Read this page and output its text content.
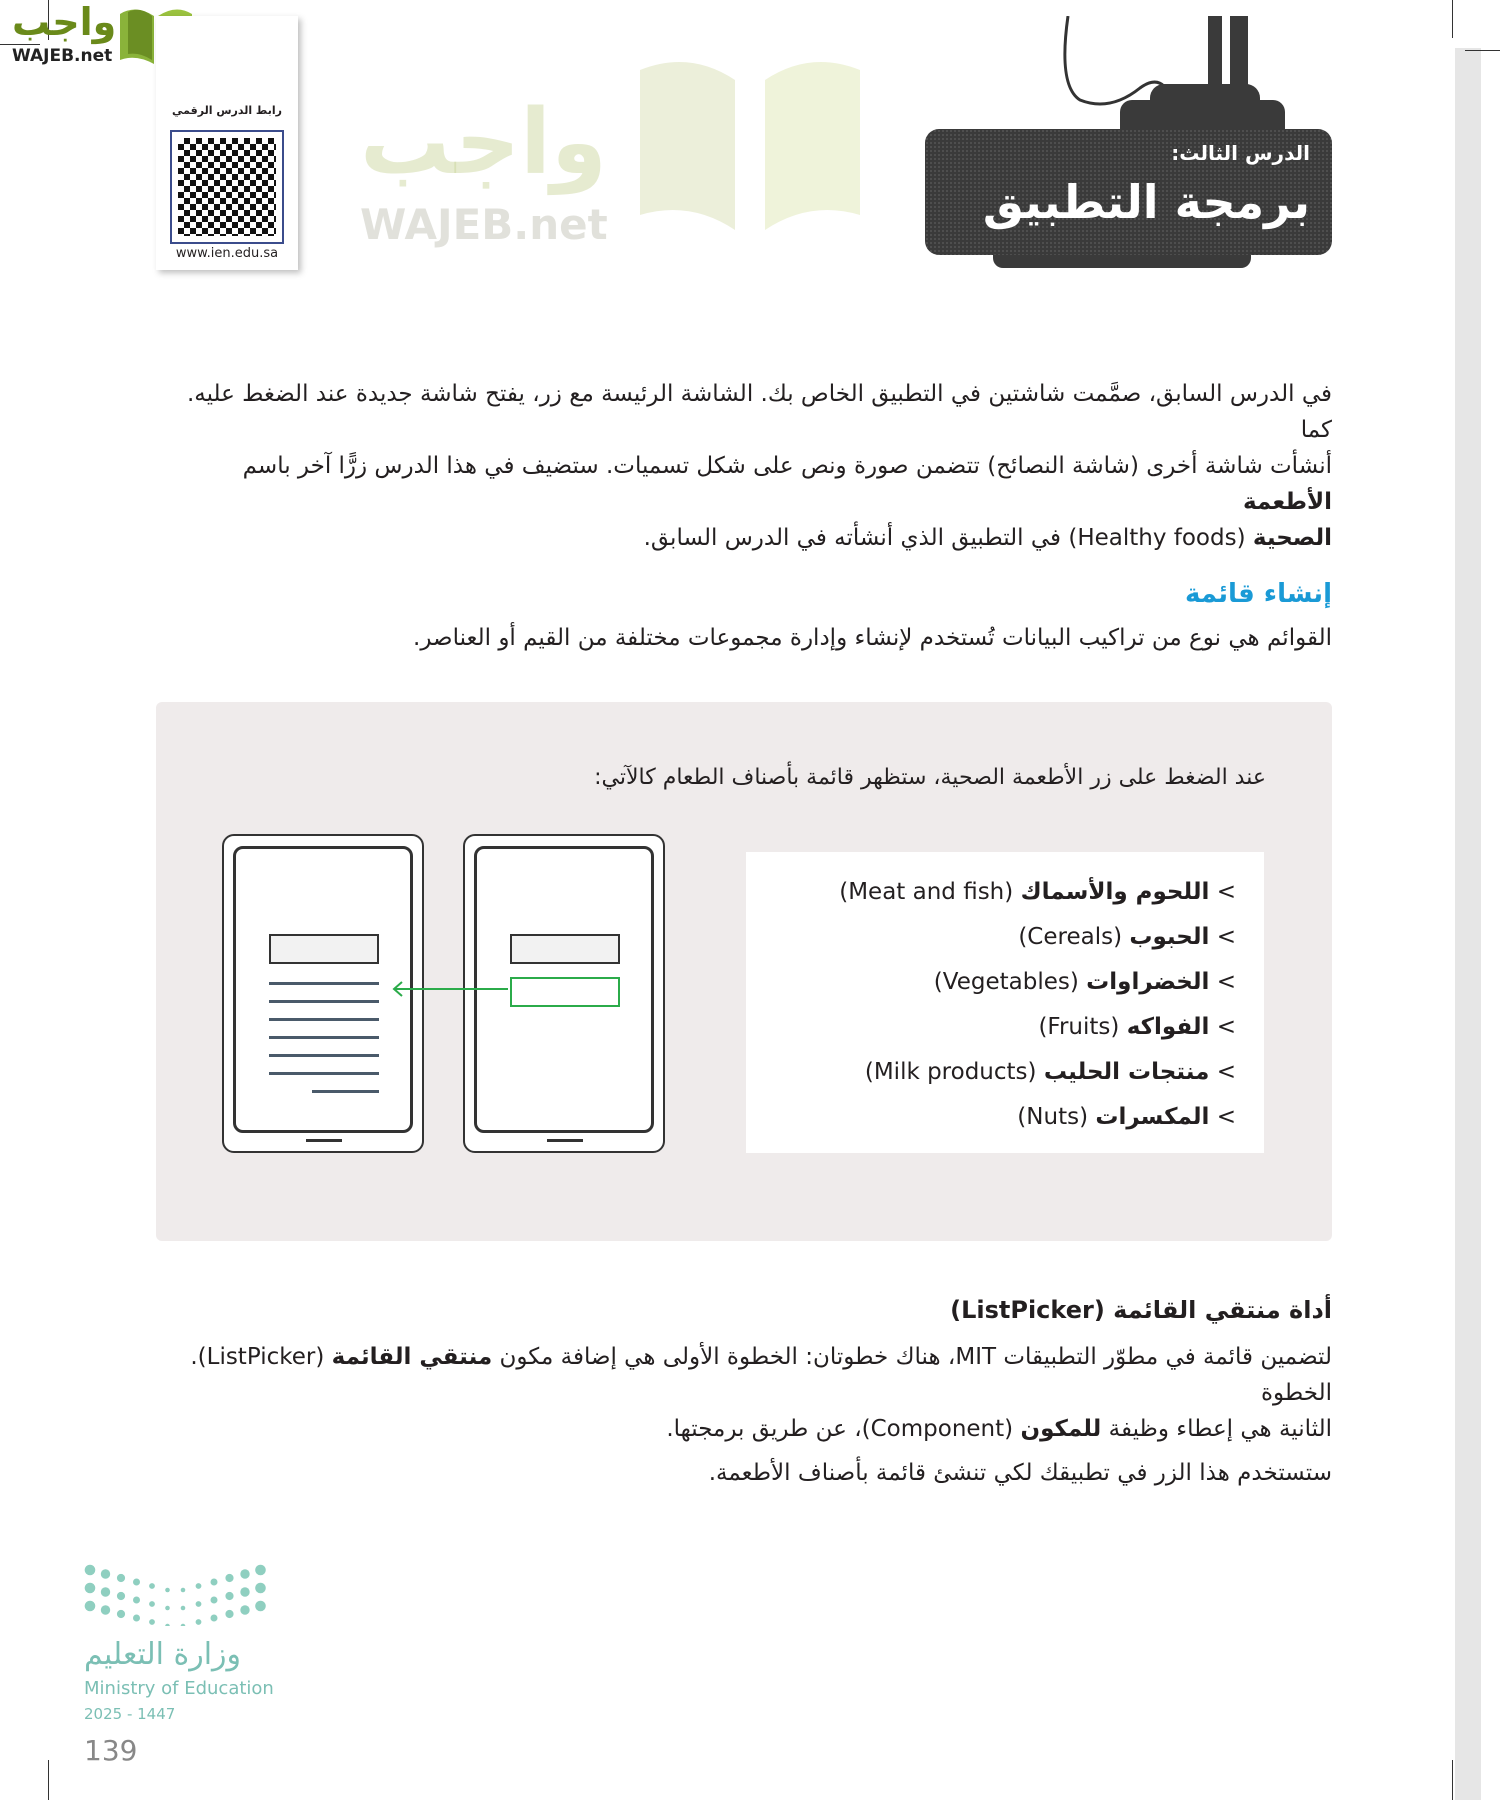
واجب
WAJEB.net
رابط الدرس الرقمي
www.ien.edu.sa
واجب
WAJEB.net
الدرس الثالث:
برمجة التطبيق
في الدرس السابق، صمَّمت شاشتين في التطبيق الخاص بك. الشاشة الرئيسة مع زر، يفتح شاشة جديدة عند الضغط عليه. كما
أنشأت شاشة أخرى (شاشة النصائح) تتضمن صورة ونص على شكل تسميات. ستضيف في هذا الدرس زرًّا آخر باسم الأطعمة
الصحية (Healthy foods) في التطبيق الذي أنشأته في الدرس السابق.
إنشاء قائمة
القوائم هي نوع من تراكيب البيانات تُستخدم لإنشاء وإدارة مجموعات مختلفة من القيم أو العناصر.
عند الضغط على زر الأطعمة الصحية، ستظهر قائمة بأصناف الطعام كالآتي:
> اللحوم والأسماك (Meat and fish)
> الحبوب (Cereals)
> الخضراوات (Vegetables)
> الفواكه (Fruits)
> منتجات الحليب (Milk products)
> المكسرات (Nuts)
أداة منتقي القائمة (ListPicker)
لتضمين قائمة في مطوّر التطبيقات MIT، هناك خطوتان: الخطوة الأولى هي إضافة مكون منتقي القائمة (ListPicker). الخطوة
الثانية هي إعطاء وظيفة للمكون (Component)، عن طريق برمجتها.
ستستخدم هذا الزر في تطبيقك لكي تنشئ قائمة بأصناف الأطعمة.
وزارة التعليم
Ministry of Education
2025 - 1447
139
